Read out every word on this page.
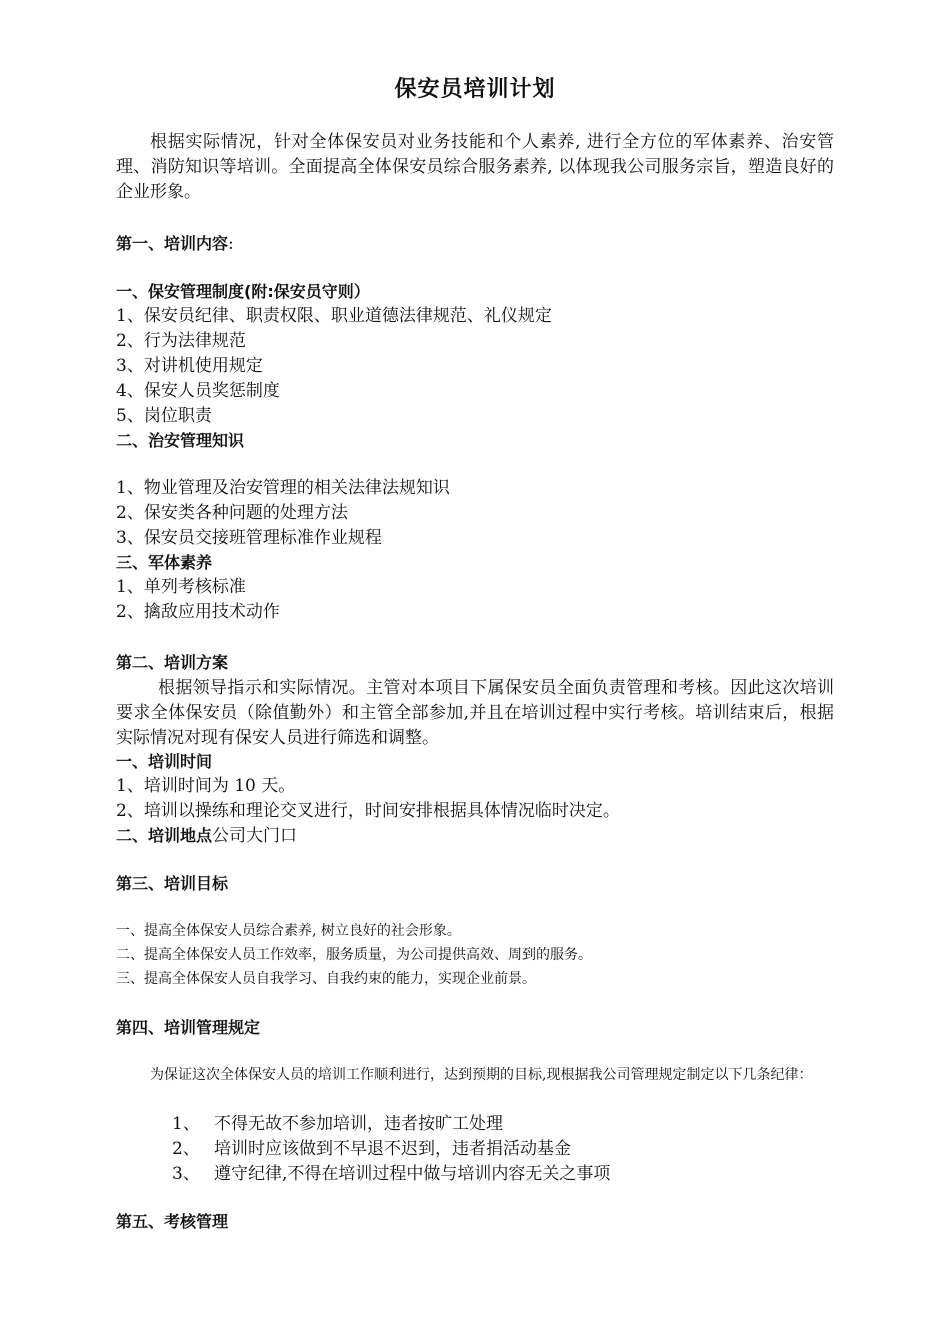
保安员培训计划

根据实际情况，针对全体保安员对业务技能和个人素养, 进行全方位的军体素养、治安管理、消防知识等培训。全面提高全体保安员综合服务素养, 以体现我公司服务宗旨，塑造良好的企业形象。

第一、培训内容:
一、保安管理制度(附:保安员守则）
1、保安员纪律、职责权限、职业道德法律规范、礼仪规定
2、行为法律规范
3、对讲机使用规定
4、保安人员奖惩制度
5、岗位职责
二、治安管理知识
1、物业管理及治安管理的相关法律法规知识
2、保安类各种问题的处理方法
3、保安员交接班管理标准作业规程
三、军体素养
1、单列考核标准
2、擒敌应用技术动作
第二、培训方案

根据领导指示和实际情况。主管对本项目下属保安员全面负责管理和考核。因此这次培训要求全体保安员（除值勤外）和主管全部参加,并且在培训过程中实行考核。培训结束后，根据实际情况对现有保安人员进行筛选和调整。

一、培训时间
1、培训时间为 10 天。
2、培训以操练和理论交叉进行，时间安排根据具体情况临时决定。
二、培训地点公司大门口
第三、培训目标
一、提高全体保安人员综合素养, 树立良好的社会形象。
二、提高全体保安人员工作效率，服务质量，为公司提供高效、周到的服务。
三、提高全体保安人员自我学习、自我约束的能力，实现企业前景。
第四、培训管理规定

为保证这次全体保安人员的培训工作顺利进行，达到预期的目标,现根据我公司管理规定制定以下几条纪律：

1、 不得无故不参加培训，违者按旷工处理
2、 培训时应该做到不早退不迟到，违者捐活动基金
3、 遵守纪律,不得在培训过程中做与培训内容无关之事项
第五、考核管理
